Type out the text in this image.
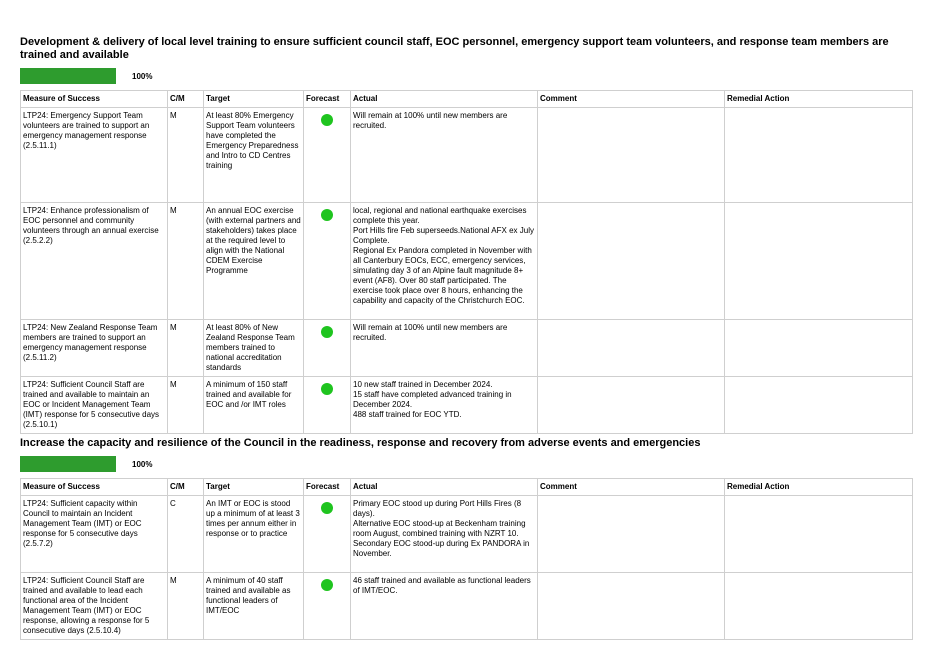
Development & delivery of local level training to ensure sufficient council staff, EOC personnel, emergency support team volunteers, and response team members are trained and available

100%
Measure of Success	C/M	Target	Forecast	Actual	Comment	Remedial Action
LTP24: Emergency Support Team volunteers are trained to support an emergency management response (2.5.11.1)	M	At least 80% Emergency Support Team volunteers have completed the Emergency Preparedness and Intro to CD Centres training		Will remain at 100% until new members are recruited.		

LTP24: Enhance professionalism of EOC personnel and community volunteers through an annual exercise (2.5.2.2)	M	An annual EOC exercise (with external partners and stakeholders) takes place at the required level to align with the National CDEM Exercise Programme		local, regional and national earthquake exercises complete this year.
Port Hills fire Feb superseeds.National AFX ex July Complete.
Regional Ex Pandora completed in November with all Canterbury EOCs, ECC, emergency services, simulating day 3 of an Alpine fault magnitude 8+ event (AF8). Over 80 staff participated. The exercise took place over 8 hours, enhancing the capability and capacity of the Christchurch EOC.		

LTP24: New Zealand Response Team members are trained to support an emergency management response (2.5.11.2)	M	At least 80% of New Zealand Response Team members trained to national accreditation standards		Will remain at 100% until new members are recruited.		

LTP24: Sufficient Council Staff are trained and available to maintain an EOC or Incident Management Team (IMT) response for 5 consecutive days (2.5.10.1)	M	A minimum of 150 staff trained and available for EOC and /or IMT roles		10 new staff trained in December 2024.
15 staff have completed advanced training in December 2024.
488 staff trained for EOC YTD.		

Increase the capacity and resilience of the Council in the readiness, response and recovery from adverse events and emergencies

100%
Measure of Success	C/M	Target	Forecast	Actual	Comment	Remedial Action
LTP24: Sufficient capacity within Council to maintain an Incident Management Team (IMT) or EOC response for 5 consecutive days (2.5.7.2)	C	An IMT or EOC is stood up a minimum of at least 3 times per annum either in response or to practice		Primary EOC stood up during Port Hills Fires (8 days).
Alternative EOC stood-up at Beckenham training room August, combined training with NZRT 10.
Secondary EOC stood-up during Ex PANDORA in November.		

LTP24: Sufficient Council Staff are trained and available to lead each functional area of the Incident Management Team (IMT) or EOC response, allowing a response for 5 consecutive days (2.5.10.4)	M	A minimum of 40 staff trained and available as functional leaders of IMT/EOC		46 staff trained and available as functional leaders of IMT/EOC.		
